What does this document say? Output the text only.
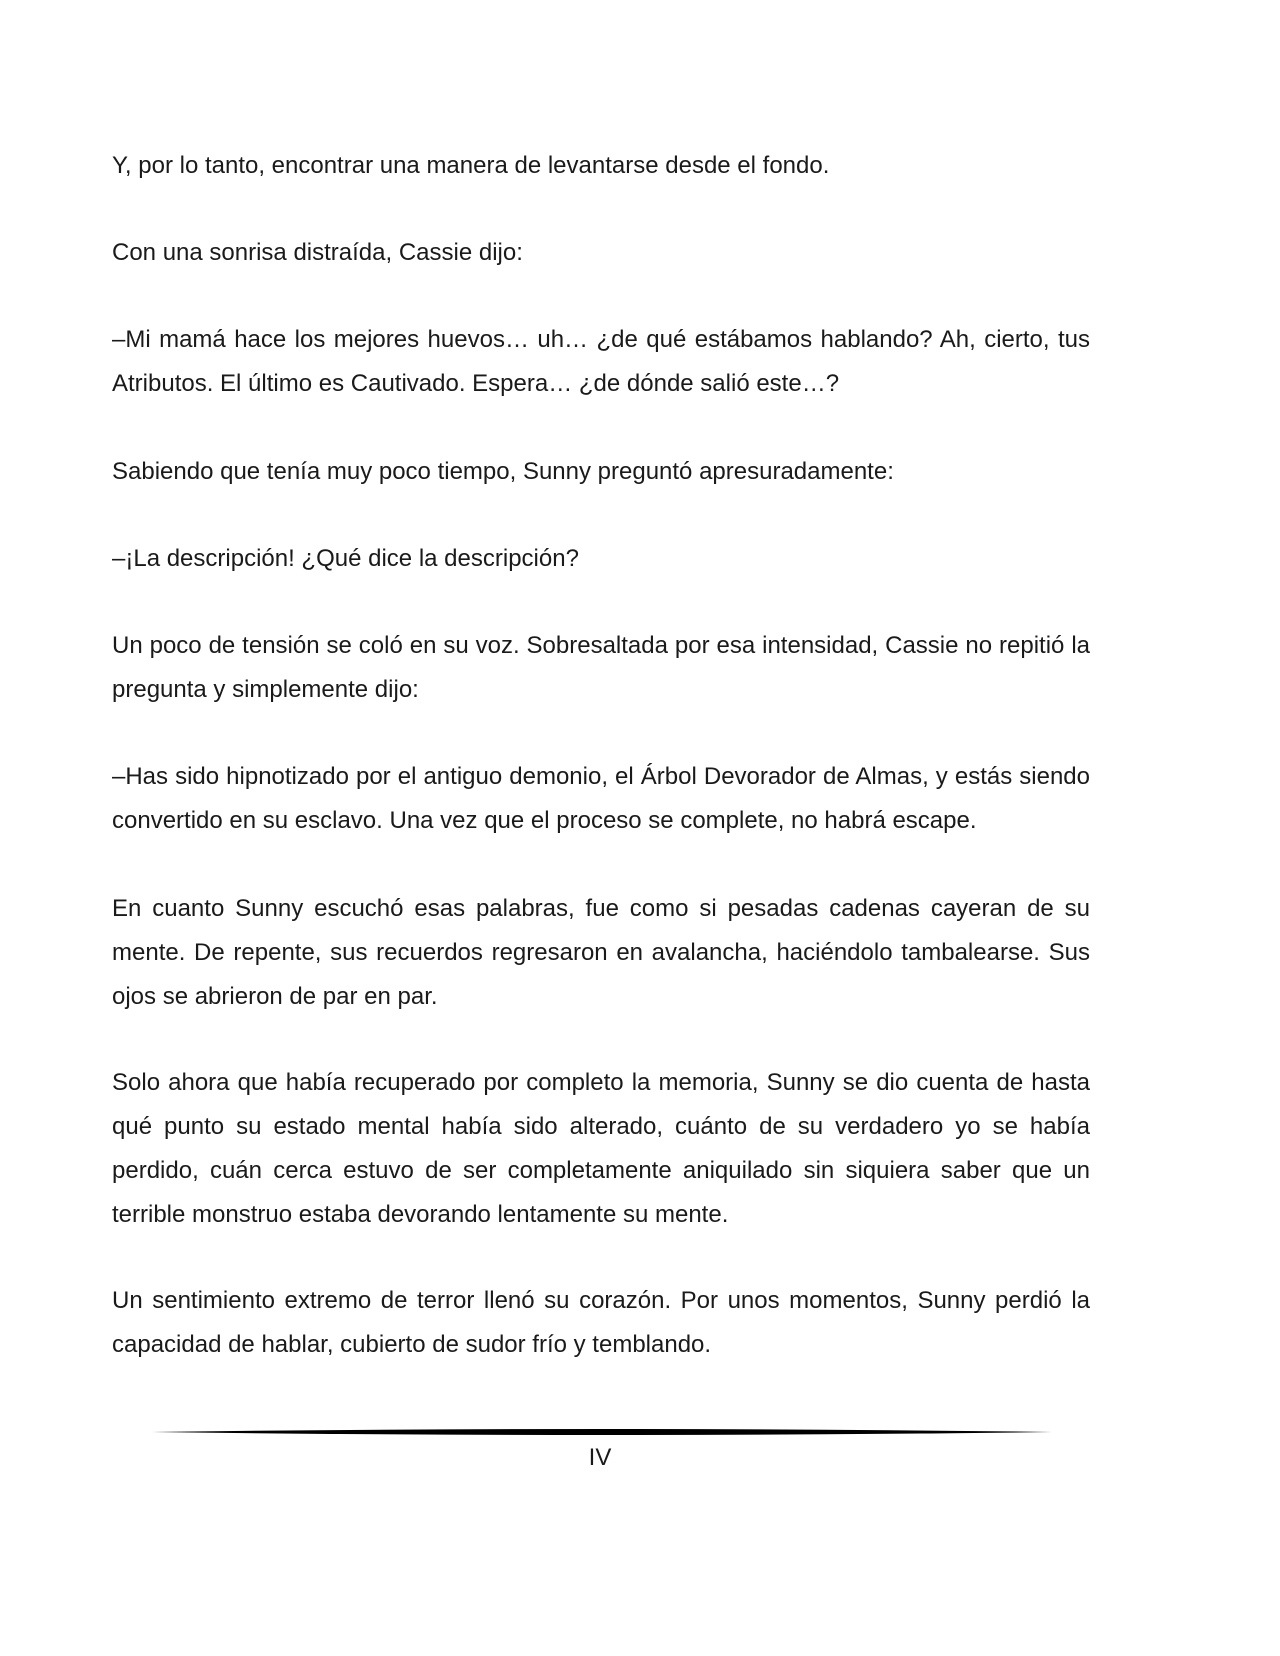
Y, por lo tanto, encontrar una manera de levantarse desde el fondo.

Con una sonrisa distraída, Cassie dijo:

–Mi mamá hace los mejores huevos… uh… ¿de qué estábamos hablando? Ah, cierto, tus Atributos. El último es Cautivado. Espera… ¿de dónde salió este…?

Sabiendo que tenía muy poco tiempo, Sunny preguntó apresuradamente:

–¡La descripción! ¿Qué dice la descripción?

Un poco de tensión se coló en su voz. Sobresaltada por esa intensidad, Cassie no repitió la pregunta y simplemente dijo:

–Has sido hipnotizado por el antiguo demonio, el Árbol Devorador de Almas, y estás siendo convertido en su esclavo. Una vez que el proceso se complete, no habrá escape.

En cuanto Sunny escuchó esas palabras, fue como si pesadas cadenas cayeran de su mente. De repente, sus recuerdos regresaron en avalancha, haciéndolo tambalearse. Sus ojos se abrieron de par en par.

Solo ahora que había recuperado por completo la memoria, Sunny se dio cuenta de hasta qué punto su estado mental había sido alterado, cuánto de su verdadero yo se había perdido, cuán cerca estuvo de ser completamente aniquilado sin siquiera saber que un terrible monstruo estaba devorando lentamente su mente.

Un sentimiento extremo de terror llenó su corazón. Por unos momentos, Sunny perdió la capacidad de hablar, cubierto de sudor frío y temblando.

IV
